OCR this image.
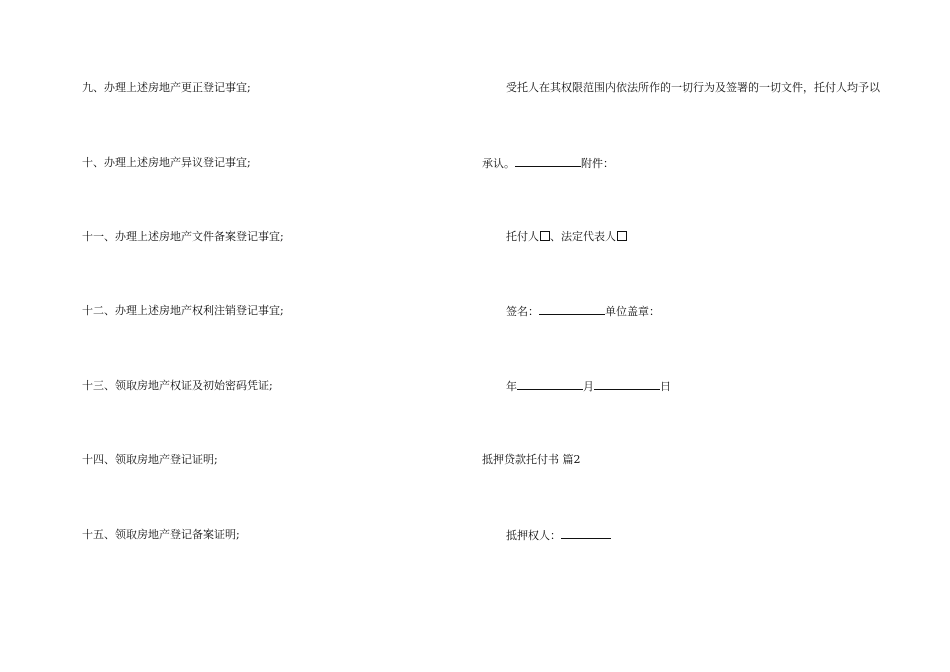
九、办理上述房地产更正登记事宜;
十、办理上述房地产异议登记事宜;
十一、办理上述房地产文件备案登记事宜;
十二、办理上述房地产权利注销登记事宜;
十三、领取房地产权证及初始密码凭证;
十四、领取房地产登记证明;
十五、领取房地产登记备案证明;
受托人在其权限范围内依法所作的一切行为及签署的一切文件，托付人均予以
承认。	附件：
托付人 、法定代表人
签名：	单位盖章：
年	月	日
抵押贷款托付书 篇2
抵押权人：
